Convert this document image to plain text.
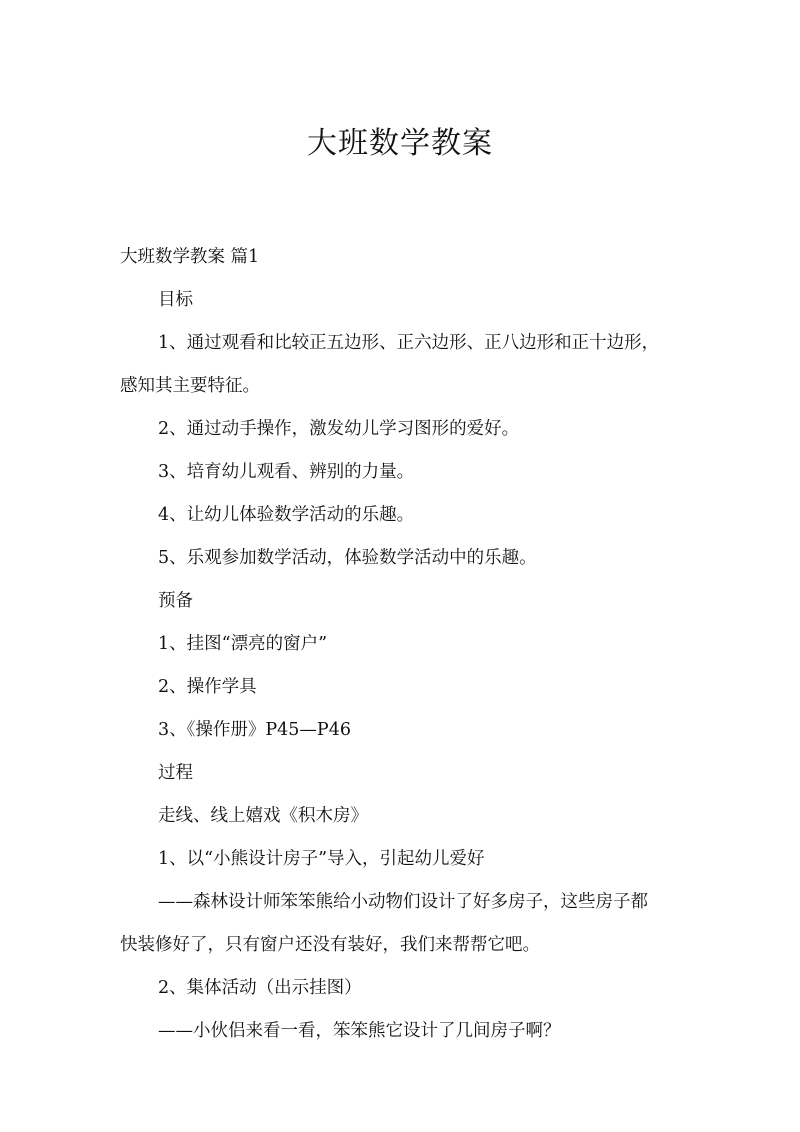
大班数学教案

大班数学教案 篇1

目标

1、通过观看和比较正五边形、正六边形、正八边形和正十边形，

感知其主要特征。

2、通过动手操作，激发幼儿学习图形的爱好。

3、培育幼儿观看、辨别的力量。

4、让幼儿体验数学活动的乐趣。

5、乐观参加数学活动，体验数学活动中的乐趣。

预备

1、挂图“漂亮的窗户”

2、操作学具

3、《操作册》P45—P46

过程

走线、线上嬉戏《积木房》

1、以“小熊设计房子”导入，引起幼儿爱好

——森林设计师笨笨熊给小动物们设计了好多房子，这些房子都

快装修好了，只有窗户还没有装好，我们来帮帮它吧。

2、集体活动（出示挂图）

——小伙侣来看一看，笨笨熊它设计了几间房子啊？
